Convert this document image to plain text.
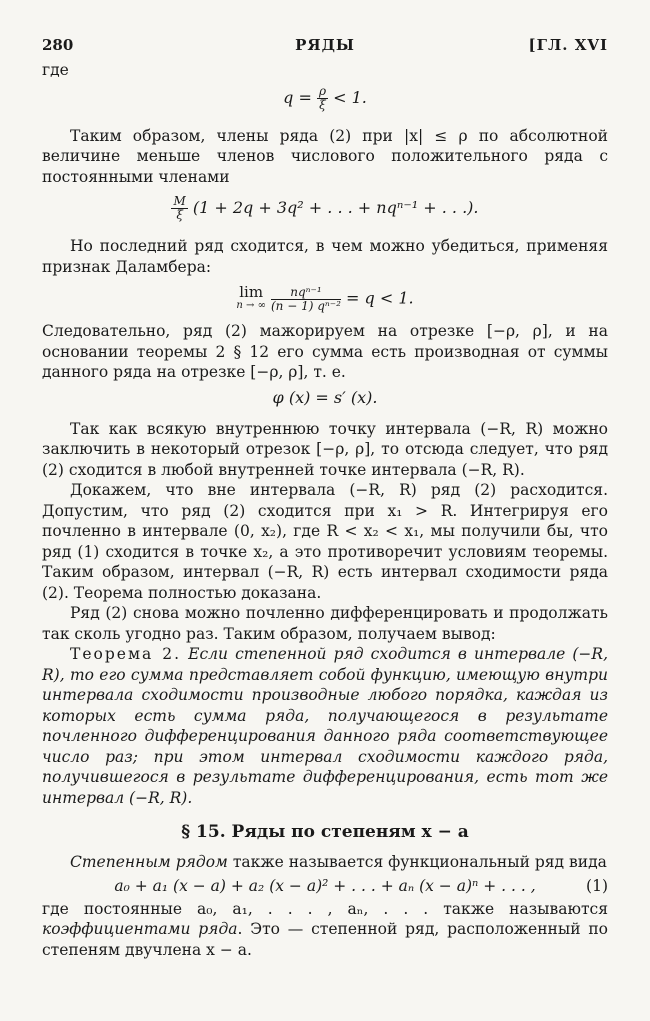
280	РЯДЫ	[ГЛ. XVI

где

$q = \frac{\rho}{\xi} < 1$.

Таким образом, члены ряда (2) при |x| ≤ ρ по абсолютной величине меньше членов числового положительного ряда с постоянными членами

$\frac{M}{\xi} (1 + 2q + 3q^2$ + . . . + nqⁿ⁻¹ + . . .).

Но последний ряд сходится, в чем можно убедиться, применяя признак Даламбера:

lim
n → ∞
$\frac{\text{nqⁿ⁻¹}}{\text{(n − 1) qⁿ⁻²}} = q < 1$.

Следовательно, ряд (2) мажорируем на отрезке [−ρ, ρ], и на основании теоремы 2 § 12 его сумма есть производная от суммы данного ряда на отрезке [−ρ, ρ], т. е.

φ (x) = s′ (x).

Так как всякую внутреннюю точку интервала (−R, R) можно заключить в некоторый отрезок [−ρ, ρ], то отсюда следует, что ряд (2) сходится в любой внутренней точке интервала (−R, R).

Докажем, что вне интервала (−R, R) ряд (2) расходится. Допустим, что ряд (2) сходится при x₁ > R. Интегрируя его почленно в интервале (0, x₂), где R < x₂ < x₁, мы получили бы, что ряд (1) сходится в точке x₂, а это противоречит условиям теоремы. Таким образом, интервал (−R, R) есть интервал сходимости ряда (2). Теорема полностью доказана.

Ряд (2) снова можно почленно дифференцировать и продолжать так сколь угодно раз. Таким образом, получаем вывод:

Теорема 2. Если степенной ряд сходится в интервале (−R, R), то его сумма представляет собой функцию, имеющую внутри интервала сходимости производные любого порядка, каждая из которых есть сумма ряда, получающегося в результате почленного дифференцирования данного ряда соответствующее число раз; при этом интервал сходимости каждого ряда, получившегося в результате дифференцирования, есть тот же интервал (−R, R).

§ 15. Ряды по степеням x − a

Степенным рядом также называется функциональный ряд вида

a₀ + a₁ (x − a) + a₂ (x − a)² + . . . + aₙ (x − a)ⁿ + . . . ,	(1)

где постоянные a₀, a₁, . . . , aₙ, . . . также называются коэффициентами ряда. Это — степенной ряд, расположенный по степеням двучлена x − a.
